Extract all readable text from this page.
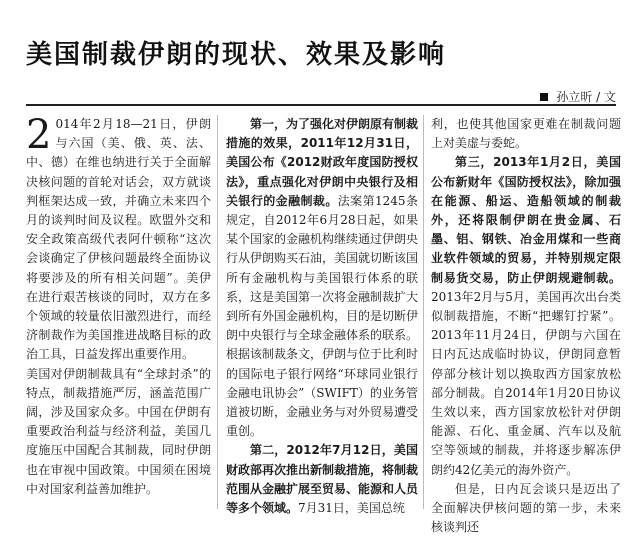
美国制裁伊朗的现状、效果及影响
孙立昕 / 文

2 014年2月18—21日，伊朗与六国（美、俄、英、法、中、德）在维也纳进行关于全面解决核问题的首轮对话会，双方就谈判框架达成一致，并确立未来四个月的谈判时间及议程。欧盟外交和安全政策高级代表阿什顿称“这次会谈确定了伊核问题最终全面协议将要涉及的所有相关问题”。美伊在进行艰苦核谈的同时，双方在多个领域的较量依旧激烈进行，而经济制裁作为美国推进战略目标的政治工具，日益发挥出重要作用。

美国对伊朗制裁具有“全球封杀”的特点，制裁措施严厉，涵盖范围广阔，涉及国家众多。中国在伊朗有重要政治利益与经济利益，美国几度施压中国配合其制裁，同时伊朗也在审视中国政策。中国须在困境中对国家利益善加维护。

第一，为了强化对伊朗原有制裁措施的效果，2011年12月31日，美国公布《2012财政年度国防授权法》，重点强化对伊朗中央银行及相关银行的金融制裁。法案第1245条规定，自2012年6月28日起，如果某个国家的金融机构继续通过伊朗央行从伊朗购买石油，美国就切断该国所有金融机构与美国银行体系的联系，这是美国第一次将金融制裁扩大到所有外国金融机构，目的是切断伊朗中央银行与全球金融体系的联系。根据该制裁条文，伊朗与位于比利时的国际电子银行网络“环球同业银行金融电讯协会”（SWIFT）的业务管道被切断，金融业务与对外贸易遭受重创。

第二，2012年7月12日，美国财政部再次推出新制裁措施，将制裁范围从金融扩展至贸易、能源和人员等多个领域。7月31日，美国总统

利，也使其他国家更难在制裁问题上对美虚与委蛇。

第三，2013年1月2日，美国公布新财年《国防授权法》，除加强在能源、船运、造船领域的制裁外，还将限制伊朗在贵金属、石墨、铝、钢铁、冶金用煤和一些商业软件领域的贸易，并特别规定限制易货交易，防止伊朗规避制裁。2013年2月与5月，美国再次出台类似制裁措施，不断“把螺钉拧紧”。2013年11月24日，伊朗与六国在日内瓦达成临时协议，伊朗同意暂停部分核计划以换取西方国家放松部分制裁。自2014年1月20日协议生效以来，西方国家放松针对伊朗能源、石化、重金属、汽车以及航空等领域的制裁，并将逐步解冻伊朗约42亿美元的海外资产。

但是，日内瓦会谈只是迈出了全面解决伊核问题的第一步，未来核谈判还
